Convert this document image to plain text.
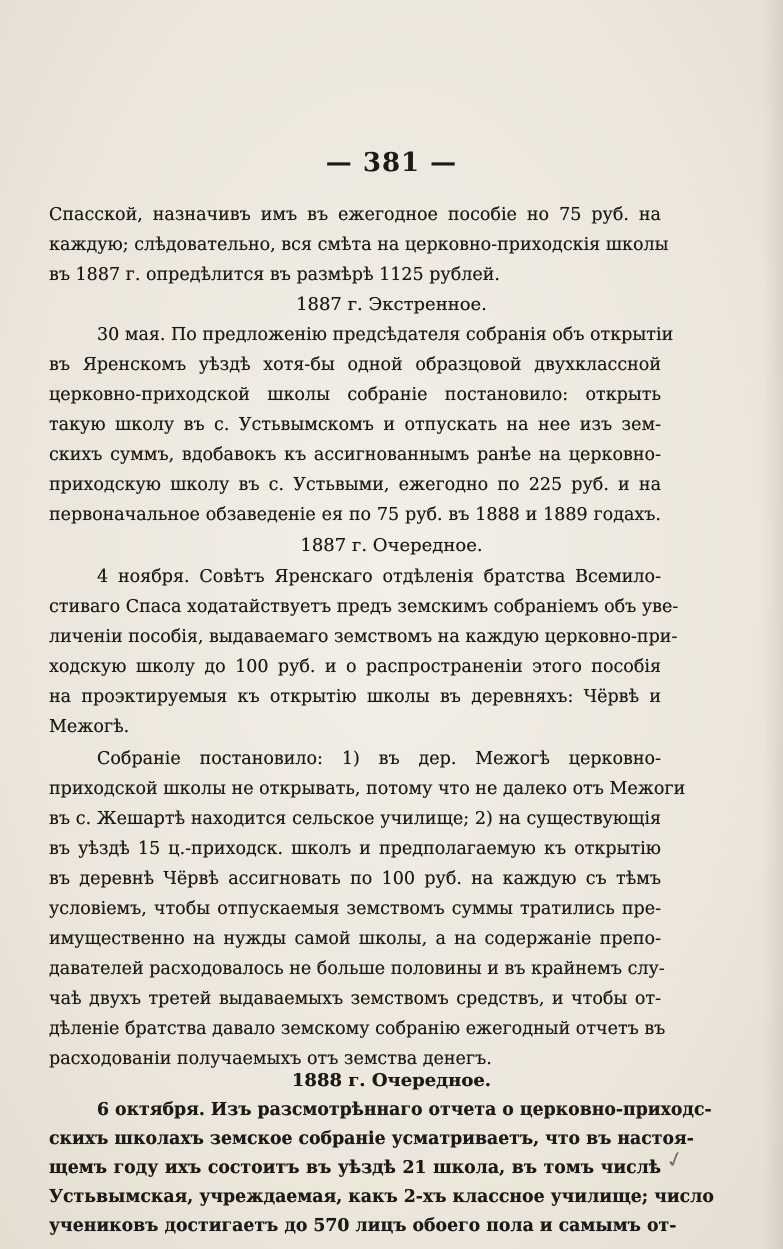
— 381 —
Спасской, назначивъ имъ въ ежегодное пособіе но 75 руб. на
каждую; слѣдовательно, вся смѣта на церковно-приходскія школы
въ 1887 г. опредѣлится въ размѣрѣ 1125 рублей.
1887 г. Экстренное.
30 мая. По предложенію предсѣдателя собранія объ открытіи
въ Яренскомъ уѣздѣ хотя-бы одной образцовой двухклассной
церковно-приходской школы собраніе постановило: открыть
такую школу въ с. Устьвымскомъ и отпускать на нее изъ зем-
скихъ суммъ, вдобавокъ къ ассигнованнымъ ранѣе на церковно-
приходскую школу въ с. Устьвыми, ежегодно по 225 руб. и на
первоначальное обзаведеніе ея по 75 руб. въ 1888 и 1889 годахъ.
1887 г. Очередное.
4 ноября. Совѣтъ Яренскаго отдѣленія братства Всемило-
стиваго Спаса ходатайствуетъ предъ земскимъ собраніемъ объ уве-
личеніи пособія, выдаваемаго земствомъ на каждую церковно-при-
ходскую школу до 100 руб. и о распространеніи этого пособія
на проэктируемыя къ открытію школы въ деревняхъ: Чёрвѣ и
Межогѣ.
Собраніе постановило: 1) въ дер. Межогѣ церковно-
приходской школы не открывать, потому что не далеко отъ Межоги
въ с. Жешартѣ находится сельское училище; 2) на существующія
въ уѣздѣ 15 ц.-приходск. школъ и предполагаемую къ открытію
въ деревнѣ Чёрвѣ ассигновать по 100 руб. на каждую съ тѣмъ
условіемъ, чтобы отпускаемыя земствомъ суммы тратились пре-
имущественно на нужды самой школы, а на содержаніе препо-
давателей расходовалось не больше половины и въ крайнемъ слу-
чаѣ двухъ третей выдаваемыхъ земствомъ средствъ, и чтобы от-
дѣленіе братства давало земскому собранію ежегодный отчетъ въ
расходованіи получаемыхъ отъ земства денегъ.
1888 г. Очередное.
6 октября. Изъ разсмотрѣннаго отчета о церковно-приходс-
скихъ школахъ земское собраніе усматриваетъ, что въ настоя-
щемъ году ихъ состоитъ въ уѣздѣ 21 школа, въ томъ числѣ
Устьвымская, учреждаемая, какъ 2-хъ классное училище; число
учениковъ достигаетъ до 570 лицъ обоего пола и самымъ от-
✓
